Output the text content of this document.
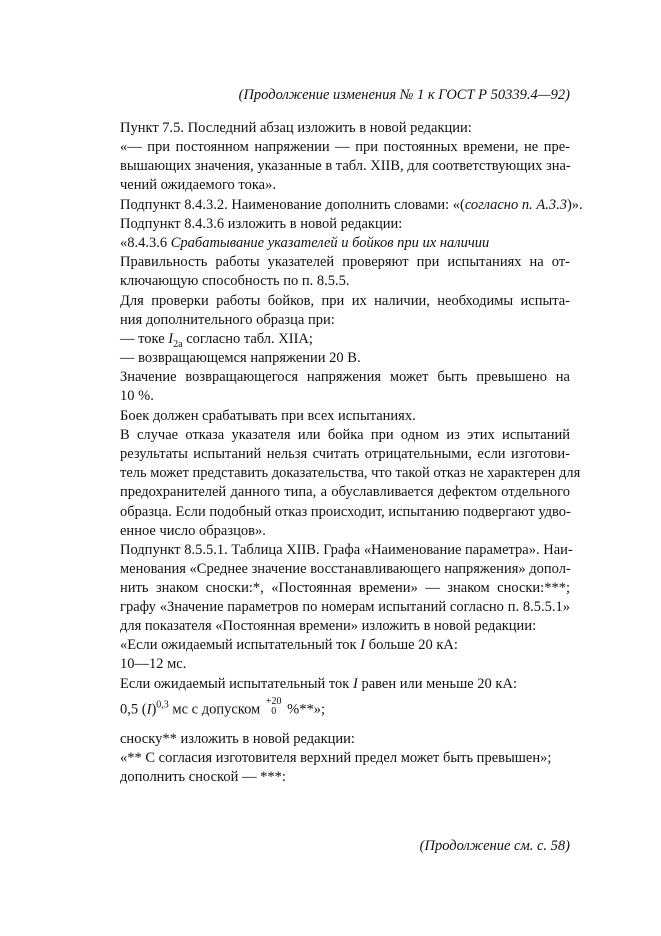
(Продолжение изменения № 1 к ГОСТ Р 50339.4—92)
Пункт 7.5. Последний абзац изложить в новой редакции:
«— при постоянном напряжении — при постоянных времени, не пре-
вышающих значения, указанные в табл. XIIB, для соответствующих зна-
чений ожидаемого тока».
Подпункт 8.4.3.2. Наименование дополнить словами: «(согласно п. А.3.3)».
Подпункт 8.4.3.6 изложить в новой редакции:
«8.4.3.6 Срабатывание указателей и бойков при их наличии
Правильность работы указателей проверяют при испытаниях на от-
ключающую способность по п. 8.5.5.
Для проверки работы бойков, при их наличии, необходимы испыта-
ния дополнительного образца при:
— токе $I_{2a}$ согласно табл. XIIA;
— возвращающемся напряжении 20 В.
Значение возвращающегося напряжения может быть превышено на
10 %.
Боек должен срабатывать при всех испытаниях.
В случае отказа указателя или бойка при одном из этих испытаний
результаты испытаний нельзя считать отрицательными, если изготови-
тель может представить доказательства, что такой отказ не характерен для
предохранителей данного типа, а обуславливается дефектом отдельного
образца. Если подобный отказ происходит, испытанию подвергают удво-
енное число образцов».
Подпункт 8.5.5.1. Таблица XIIB. Графа «Наименование параметра». Наи-
менования «Среднее значение восстанавливающего напряжения» допол-
нить знаком сноски:*, «Постоянная времени» — знаком сноски:***;
графу «Значение параметров по номерам испытаний согласно п. 8.5.5.1»
для показателя «Постоянная времени» изложить в новой редакции:
«Если ожидаемый испытательный ток I больше 20 кА:
10—12 мс.
Если ожидаемый испытательный ток I равен или меньше 20 кА:
0,5 $(I)^{0,3}$ мс с допуском +20
0 %**»;
сноску** изложить в новой редакции:
«** С согласия изготовителя верхний предел может быть превышен»;
дополнить сноской — ***:
(Продолжение см. с. 58)
